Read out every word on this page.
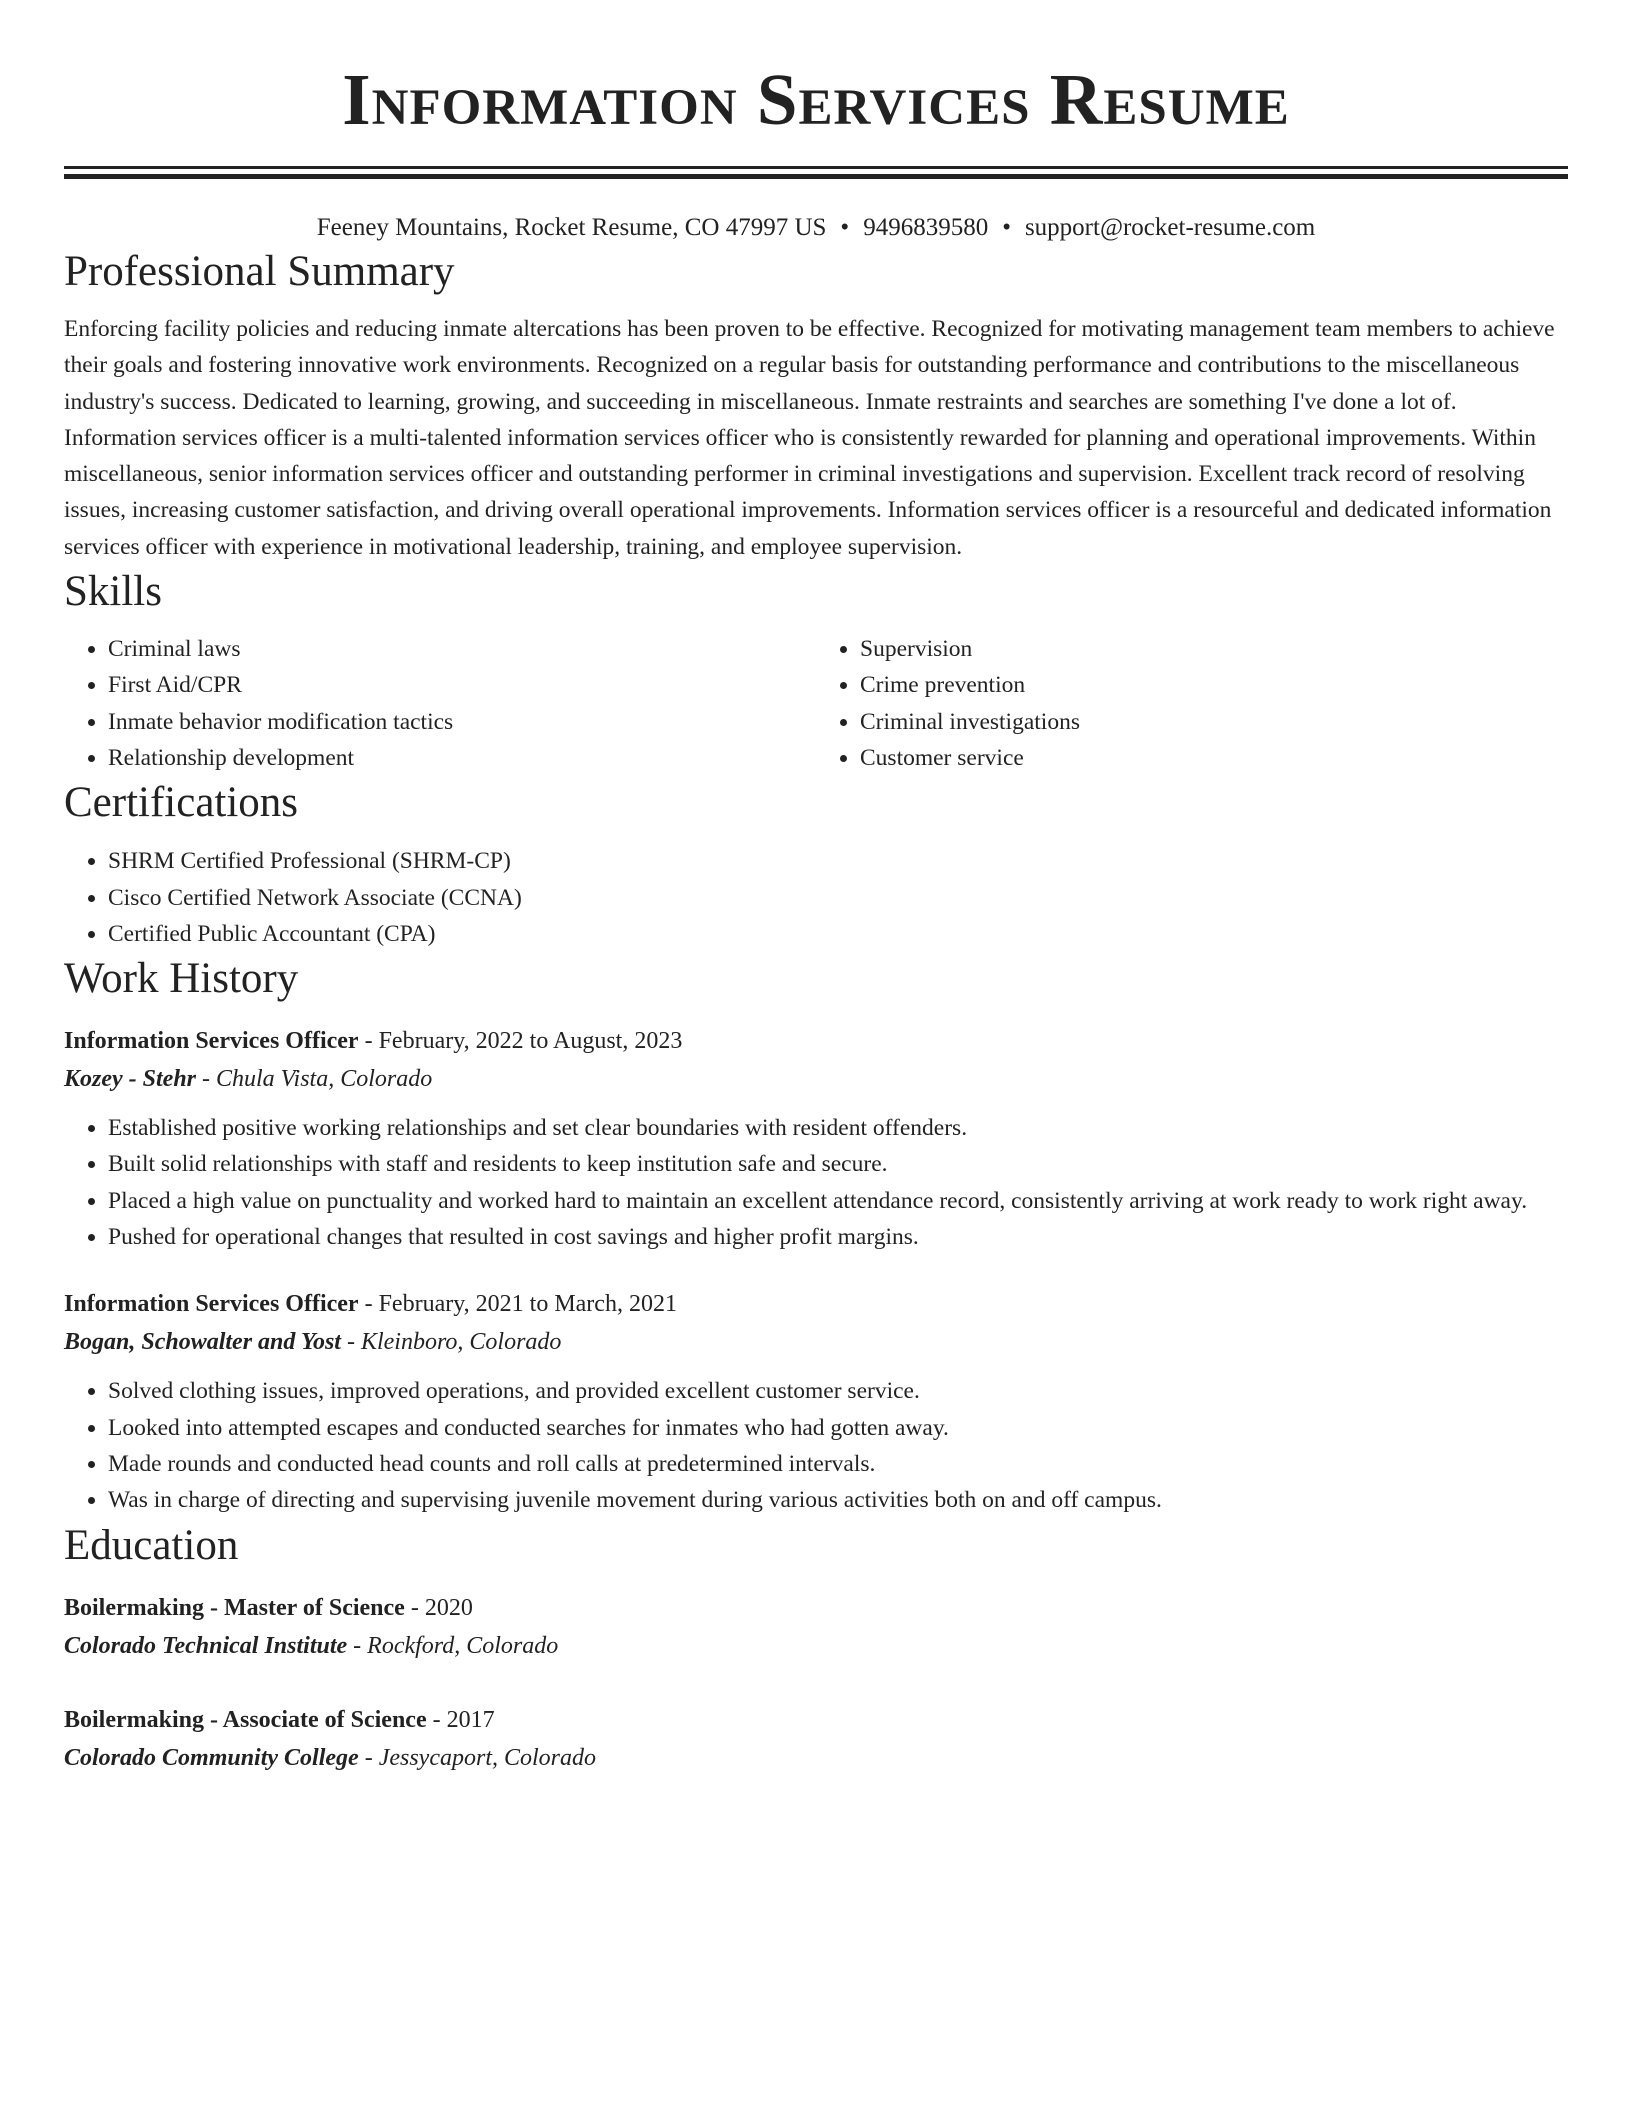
Information Services Resume
Feeney Mountains, Rocket Resume, CO 47997 US • 9496839580 • support@rocket-resume.com
Professional Summary

Enforcing facility policies and reducing inmate altercations has been proven to be effective. Recognized for motivating management team members to achieve their goals and fostering innovative work environments. Recognized on a regular basis for outstanding performance and contributions to the miscellaneous industry's success. Dedicated to learning, growing, and succeeding in miscellaneous. Inmate restraints and searches are something I've done a lot of. Information services officer is a multi-talented information services officer who is consistently rewarded for planning and operational improvements. Within miscellaneous, senior information services officer and outstanding performer in criminal investigations and supervision. Excellent track record of resolving issues, increasing customer satisfaction, and driving overall operational improvements. Information services officer is a resourceful and dedicated information services officer with experience in motivational leadership, training, and employee supervision.

Skills
• Criminal laws
• First Aid/CPR
• Inmate behavior modification tactics
• Relationship development
• Supervision
• Crime prevention
• Criminal investigations
• Customer service
Certifications
• SHRM Certified Professional (SHRM-CP)
• Cisco Certified Network Associate (CCNA)
• Certified Public Accountant (CPA)
Work History
Information Services Officer - February, 2022 to August, 2023
Kozey - Stehr - Chula Vista, Colorado
• Established positive working relationships and set clear boundaries with resident offenders.
• Built solid relationships with staff and residents to keep institution safe and secure.
• Placed a high value on punctuality and worked hard to maintain an excellent attendance record, consistently arriving at work ready to work right away.
• Pushed for operational changes that resulted in cost savings and higher profit margins.
Information Services Officer - February, 2021 to March, 2021
Bogan, Schowalter and Yost - Kleinboro, Colorado
• Solved clothing issues, improved operations, and provided excellent customer service.
• Looked into attempted escapes and conducted searches for inmates who had gotten away.
• Made rounds and conducted head counts and roll calls at predetermined intervals.
• Was in charge of directing and supervising juvenile movement during various activities both on and off campus.
Education
Boilermaking - Master of Science - 2020
Colorado Technical Institute - Rockford, Colorado
Boilermaking - Associate of Science - 2017
Colorado Community College - Jessycaport, Colorado
